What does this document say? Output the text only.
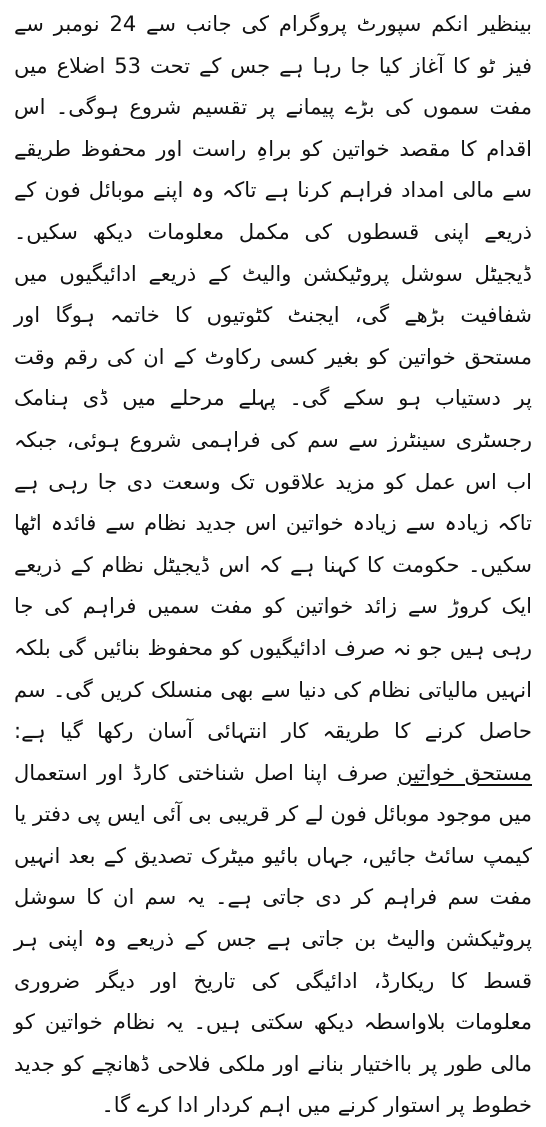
بینظیر انکم سپورٹ پروگرام کی جانب سے 24 نومبر سے فیز ٹو کا آغاز کیا جا رہا ہے جس کے تحت 53 اضلاع میں مفت سموں کی بڑے پیمانے پر تقسیم شروع ہوگی۔ اس اقدام کا مقصد خواتین کو براہِ راست اور محفوظ طریقے سے مالی امداد فراہم کرنا ہے تاکہ وہ اپنے موبائل فون کے ذریعے اپنی قسطوں کی مکمل معلومات دیکھ سکیں۔ ڈیجیٹل سوشل پروٹیکشن والیٹ کے ذریعے ادائیگیوں میں شفافیت بڑھے گی، ایجنٹ کٹوتیوں کا خاتمہ ہوگا اور مستحق خواتین کو بغیر کسی رکاوٹ کے ان کی رقم وقت پر دستیاب ہو سکے گی۔ پہلے مرحلے میں ڈی ہنامک رجسٹری سینٹرز سے سم کی فراہمی شروع ہوئی، جبکہ اب اس عمل کو مزید علاقوں تک وسعت دی جا رہی ہے تاکہ زیادہ سے زیادہ خواتین اس جدید نظام سے فائدہ اٹھا سکیں۔ حکومت کا کہنا ہے کہ اس ڈیجیٹل نظام کے ذریعے ایک کروڑ سے زائد خواتین کو مفت سمیں فراہم کی جا رہی ہیں جو نہ صرف ادائیگیوں کو محفوظ بنائیں گی بلکہ انہیں مالیاتی نظام کی دنیا سے بھی منسلک کریں گی۔ سم حاصل کرنے کا طریقہ کار انتہائی آسان رکھا گیا ہے: مستحق خواتین صرف اپنا اصل شناختی کارڈ اور استعمال میں موجود موبائل فون لے کر قریبی بی آئی ایس پی دفتر یا کیمپ سائٹ جائیں، جہاں بائیو میٹرک تصدیق کے بعد انہیں مفت سم فراہم کر دی جاتی ہے۔ یہ سم ان کا سوشل پروٹیکشن والیٹ بن جاتی ہے جس کے ذریعے وہ اپنی ہر قسط کا ریکارڈ، ادائیگی کی تاریخ اور دیگر ضروری معلومات بلاواسطہ دیکھ سکتی ہیں۔ یہ نظام خواتین کو مالی طور پر بااختیار بنانے اور ملکی فلاحی ڈھانچے کو جدید خطوط پر استوار کرنے میں اہم کردار ادا کرے گا۔
